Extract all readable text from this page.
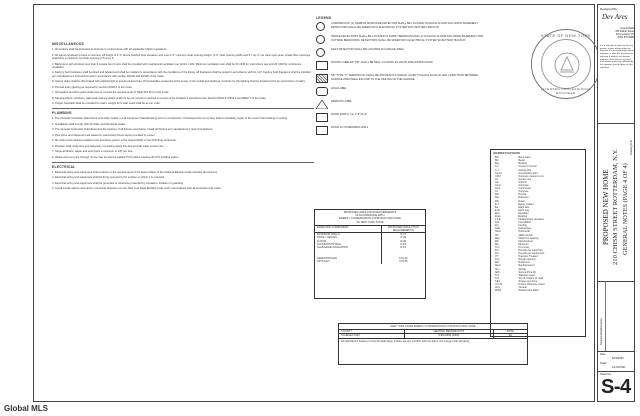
MISCELLANEOUS
1. All workers shall be protected at all times in conformance with all applicable OSHA regulations.
2. All egress windows to have a minimum sill height of 3'-0" above finished floor elevation and max 2'-0" minimum clear opening height, (1-6" clear opening width and 5.7 sq. ft. net clear open area. Grade floor openings shall have a minimum net clear opening of 5.0 sq. ft.
3. Bathrooms with windows less than 3 square feet in size shall be provided with mechanical ventilation per Article I-203. Minimum ventilation rate shall be 50 CFM for intermittent use and 20 CFM for continuous ventilation.
4. Factory built fireplaces shall be listed and labeled and shall be installed in accordance with the conditions of the listing. All fireplaces shall be tested in accordance with UL 127. Factory built fireplaces shall be installed per manufacturer's instructions and in accordance with section R1004 and R1005 of the Code.
5. Interior stairs shall be illuminated with artificial light to levels not less than 10 footcandles measured at the center of the treads and landings. Controls for the lighting shall be located at the top and bottom of stairs.
6. Provide every glazing as required by section R308.4 of the Code.
7. All headers and floor joists shall meet or exceed the requirements of Table 502.5(1) of the Code.
8. Structural floor members, wall studs and top plates shall not be cut, bored or notched in excess of the limitations specified under Section R502.8, R602.6 and R802.7 of the Code.
9. Proper handrails shall be provided for stairs. Height from stair tread shall be as per code.
PLUMBING
1. The General Contractor shall check and verify location of all equipment (New/Existing) prior to construction. If discrepancies occur they shall immediately report to the owner their findings in writing.
2. Installation shall comply with All State and Municipal Codes.
3. The General Contractor shall determine the location of all fixtures and drains. Install all fixtures per manufacturer's recommendations.
4. Pipe sizes and placement are based on preliminary fixture layout provided by owner.
5. All cutting and patching related to the plumbing system is the responsibility of the Plumbing Contractor.
6. Plumber shall verify size and adequacy of existing waste line and provide water service line.
7. Slope all drains, waste and vent pipes a minimum of 1/8" per foot.
8. Waste and vent pipe through house may be solvent welded PVC plastic meeting all NYS building codes.
ELECTRICAL
1. Electrical wiring and equipment shall conform to the requirements of the latest edition of the National Electric Code including all revisions.
2. Electrical wiring and equipment shall be firmly secured to the surface on which it is mounted.
3. Electrical wiring and equipment shall be grounded or otherwise protected by insulation, isolation or guarding.
4. Install smoke alarms and carbon monoxide detectors per the New York State Building Code and in accordance with all local laws and codes.
LEGEND
A MINIMUM OF (1) CARBON MONOXIDE DETECTOR SHALL BE LOCATED ON EACH FLOOR INCLUDING BASEMENT. DETECTORS SHALL BE WIRED INTO ELECTRICAL SYSTEM WITH BATTERY BACKUP.
SMOKE DETECTORS SHALL BE LOCATED IN EVERY BEDROOM AND (1) ON EACH FLOOR INCLUDING BASEMENT AND OUTSIDE BEDROOMS. DETECTORS SHALL BE WIRED INTO ELECTRICAL SYSTEM W/ BATTERY BACKUP.
HEAT DETECTOR SHALL BE LOCATED IN GARAGE AREA.
DOORS LABELED "FR" SHALL BE SELF-CLOSING 3/4 HOUR FIRE-RATED DOOR.
5/8" TYPE "X" SHEETROCK SHALL BE APPLIED IN A SINGLE LAYER TO EACH FACE OF WALL PARTITION BETWEEN GARAGE AND DWELLING AND TO THE CEILING OF THE GARAGE.
HIGH LABEL
WINDOW LABEL
DOOR WIDTH, I.E. 2'-8"x6'-8"
DOOR 12 ON BEARING WALL
PROPOSED INSULATION REQUIREMENTS
IN ACCORDANCE WITH
ENERGY CONSERVATION CONSTRUCTION CODE
OF NEW YORK STATE
ENVELOPE COMPONENT	PROPOSED INSULATION REQUIREMENTS
EXTERIOR WALLS	R-21
ROOF / CEILING	R-49
FLOOR	R-30
FOUNDATION WALL	R-15
SLAB EDGE INSULATION	R-10
FENESTRATION	U=0.30
SKYLIGHT	U=0.55
NEW YORK STATE ENERGY CONSERVATION CONSTRUCTION CODE
COUNTY	HEATING DEGREE DAYS	ZONE
SCHENECTADY	5400-6999 (2000)	5A
All calculations based on zone 5A shall apply. If there are any conflicts with the plans, the energy code will apply.
STATE OF NEW YORK
LICENSED PROFESSIONAL ENGINEER
ABBREVIATIONS
B.P.	Base plate
Bm	Beam
Brg	Bearing
C.L.	Center to Center
C.J.	Ceiling joist
Const	Construction joint
CMU	Concrete masonry unit
CL	Center Line
Col	Column
Conc	Concrete
Cont	Continuous
Cs	Concrete
Dbl	Double
Dia	Diameter
DN	Down
E.J.	Epoxy coated
Ea	Each face
E.W.	Each way
Elev	Elevation
Exist	Existing
F.F.E.	Finished floor elevation
Fdn	Foundation
Ftg	Footing
Galv	Galvanized
Horiz	Horizontal
HP	1000 pounds
Max	Maximum spacing
Mfr	Manufacturer
Min	Minimum
O.C.	On center
Pcf	Pounds per cubic foot
Psf	Pounds per square foot
P.T.	Pressure Treated
R.O.	Rough opening
Ref	Reference
Reinf	Reinforcement
Sim	Similar
SPF	Spruce-Pine-Fir
S.S.	Stainless steel
T/O	Top of, bottom of, slab
T&G	Tongue & groove
U.O.N.	Unless otherwise noted
Vert	Vertical
WWF	Welded wire fabric
Designed By:
Dev Ares
Ananta Malik
350 Dalhar Street
Schenectady, NY
(518) 878-0088
It is a violation of state law for any person, unless acting under the direction of a licensed professional engineer, to alter this document in any way. If altered, the altering engineer shall affix his seal and the notation altered by followed by his signature and the date of such alteration.
PROPOSED NEW HOME 210 CHISM STREET ROTTERDAM, N.Y. GENERAL NOTES (PAGE 4 OF 4)
Drawing Title
Revisions/Submissions
Date
6/23/2025
Scale
AS NOTED
Sheet No.
S-4
Global MLS
